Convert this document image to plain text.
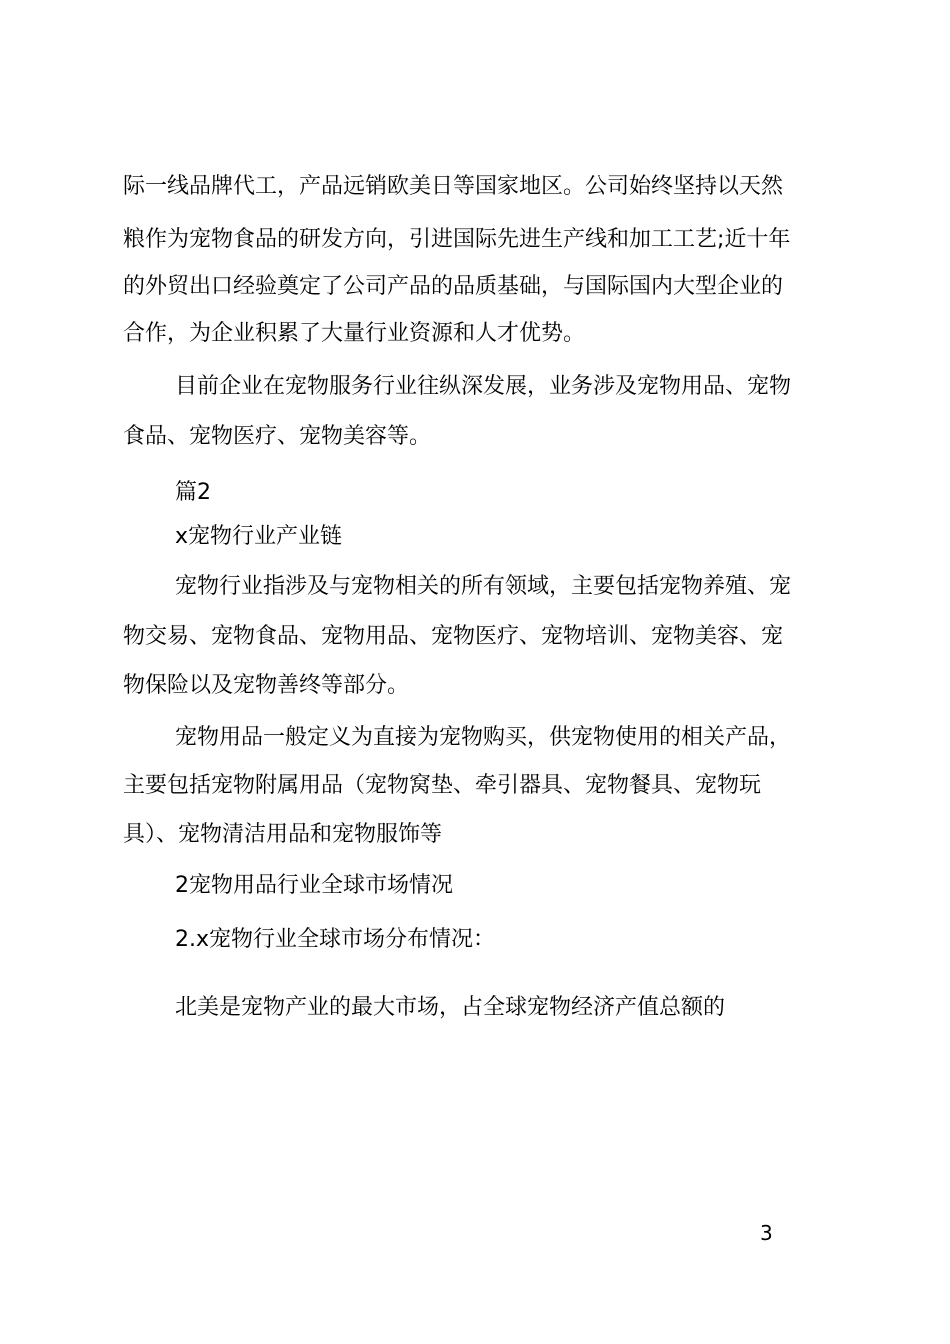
际一线品牌代工，产品远销欧美日等国家地区。公司始终坚持以天然
粮作为宠物食品的研发方向，引进国际先进生产线和加工工艺;近十年
的外贸出口经验奠定了公司产品的品质基础，与国际国内大型企业的
合作，为企业积累了大量行业资源和人才优势。
目前企业在宠物服务行业往纵深发展，业务涉及宠物用品、宠物
食品、宠物医疗、宠物美容等。
篇2
x宠物行业产业链
宠物行业指涉及与宠物相关的所有领域，主要包括宠物养殖、宠
物交易、宠物食品、宠物用品、宠物医疗、宠物培训、宠物美容、宠
物保险以及宠物善终等部分。
宠物用品一般定义为直接为宠物购买，供宠物使用的相关产品，
主要包括宠物附属用品（宠物窝垫、牵引器具、宠物餐具、宠物玩
具）、宠物清洁用品和宠物服饰等
2宠物用品行业全球市场情况
2.x宠物行业全球市场分布情况：
北美是宠物产业的最大市场，占全球宠物经济产值总额的
3
